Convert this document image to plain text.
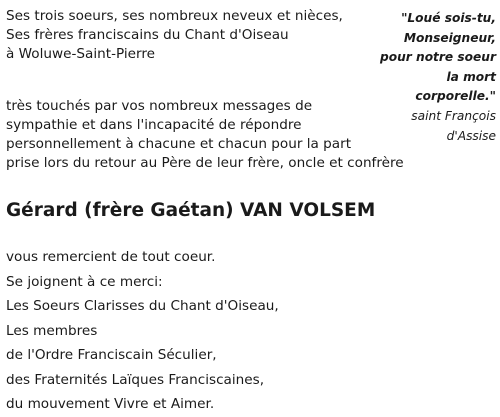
Ses trois soeurs, ses nombreux neveux et nièces,
Ses frères franciscains du Chant d'Oiseau
à Woluwe-Saint-Pierre
"Loué sois-tu,
Monseigneur,
pour notre soeur
la mort
corporelle."
saint François
d'Assise
très touchés par vos nombreux messages de
sympathie et dans l'incapacité de répondre
personnellement à chacune et chacun pour la part
prise lors du retour au Père de leur frère, oncle et confrère
Gérard (frère Gaétan) VAN VOLSEM
vous remercient de tout coeur.
Se joignent à ce merci:
Les Soeurs Clarisses du Chant d'Oiseau,
Les membres
de l'Ordre Franciscain Séculier,
des Fraternités Laïques Franciscaines,
du mouvement Vivre et Aimer.
